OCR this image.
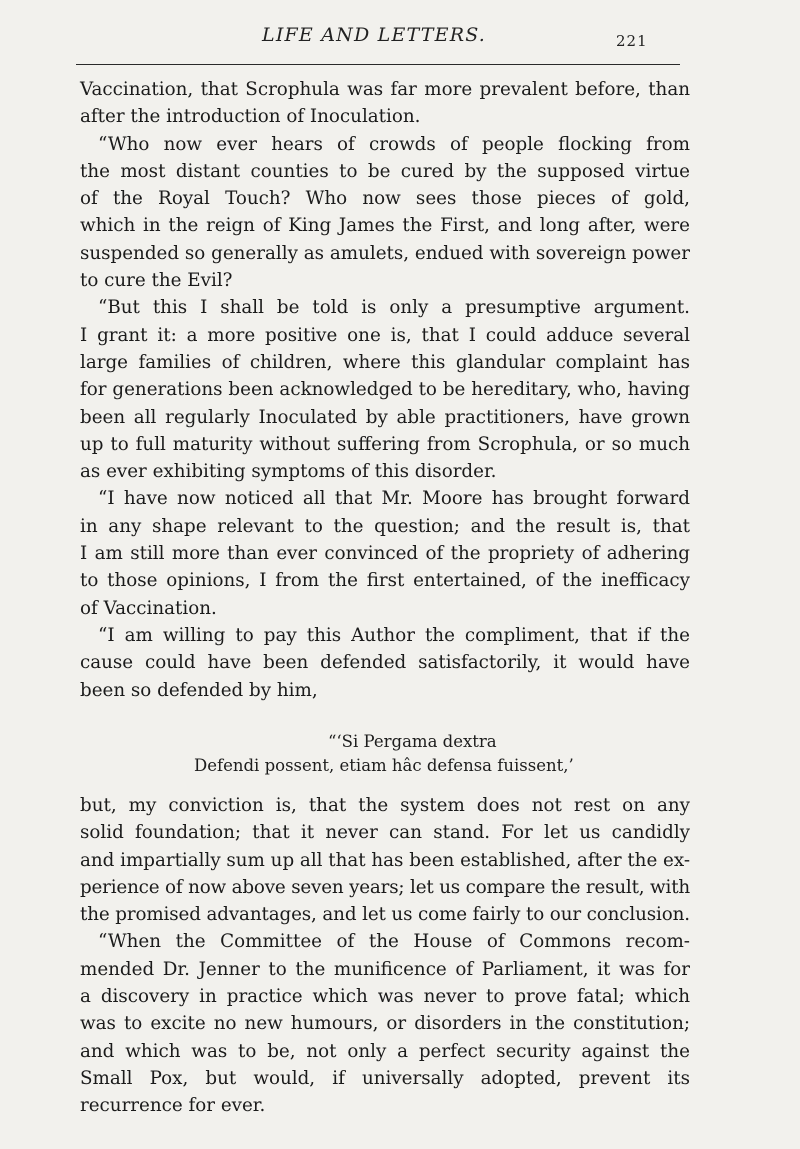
LIFE AND LETTERS.	221
Vaccination, that Scrophula was far more prevalent before, than
after the introduction of Inoculation.
“Who now ever hears of crowds of people flocking from
the most distant counties to be cured by the supposed virtue
of the Royal Touch? Who now sees those pieces of gold,
which in the reign of King James the First, and long after, were
suspended so generally as amulets, endued with sovereign power
to cure the Evil?
“But this I shall be told is only a presumptive argument.
I grant it: a more positive one is, that I could adduce several
large families of children, where this glandular complaint has
for generations been acknowledged to be hereditary, who, having
been all regularly Inoculated by able practitioners, have grown
up to full maturity without suffering from Scrophula, or so much
as ever exhibiting symptoms of this disorder.
“I have now noticed all that Mr. Moore has brought forward
in any shape relevant to the question; and the result is, that
I am still more than ever convinced of the propriety of adhering
to those opinions, I from the first entertained, of the inefficacy
of Vaccination.
“I am willing to pay this Author the compliment, that if the
cause could have been defended satisfactorily, it would have
been so defended by him,
“‘Si Pergama dextra
Defendi possent, etiam hâc defensa fuissent,’
but, my conviction is, that the system does not rest on any
solid foundation; that it never can stand. For let us candidly
and impartially sum up all that has been established, after the ex-
perience of now above seven years; let us compare the result, with
the promised advantages, and let us come fairly to our conclusion.
“When the Committee of the House of Commons recom-
mended Dr. Jenner to the munificence of Parliament, it was for
a discovery in practice which was never to prove fatal; which
was to excite no new humours, or disorders in the constitution;
and which was to be, not only a perfect security against the
Small Pox, but would, if universally adopted, prevent its
recurrence for ever.
